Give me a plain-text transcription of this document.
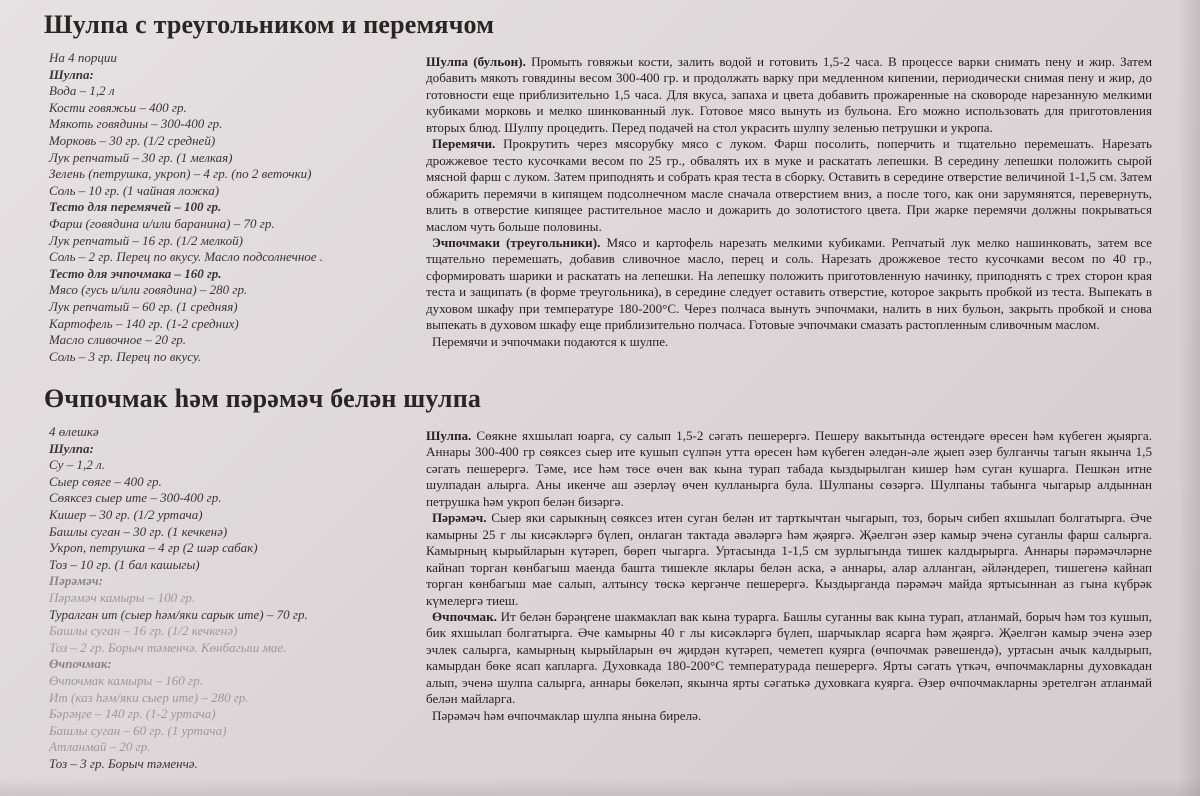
Шулпа с треугольником и перемячом
На 4 порции
Шулпа:
Вода – 1,2 л
Кости говяжьи – 400 гр.
Мякоть говядины – 300-400 гр.
Морковь – 30 гр. (1/2 средней)
Лук репчатый – 30 гр. (1 мелкая)
Зелень (петрушка, укроп) – 4 гр. (по 2 веточки)
Соль – 10 гр. (1 чайная ложка)
Тесто для перемячей – 100 гр.
Фарш (говядина и/или баранина) – 70 гр.
Лук репчатый – 16 гр. (1/2 мелкой)
Соль – 2 гр. Перец по вкусу. Масло подсолнечное .
Тесто для эчпочмака – 160 гр.
Мясо (гусь и/или говядина) – 280 гр.
Лук репчатый – 60 гр. (1 средняя)
Картофель – 140 гр. (1-2 средних)
Масло сливочное – 20 гр.
Соль – 3 гр. Перец по вкусу.

Шулпа (бульон). Промыть говяжьи кости, залить водой и готовить 1,5-2 часа. В процессе варки снимать пену и жир. Затем добавить мякоть говядины весом 300-400 гр. и продолжать варку при медленном кипении, периодически снимая пену и жир, до готовности еще приблизительно 1,5 часа. Для вкуса, запаха и цвета добавить прожаренные на сковороде нарезанную мелкими кубиками морковь и мелко шинкованный лук. Готовое мясо вынуть из бульона. Его можно использовать для приготовления вторых блюд. Шулпу процедить. Перед подачей на стол украсить шулпу зеленью петрушки и укропа.

Перемячи. Прокрутить через мясорубку мясо с луком. Фарш посолить, поперчить и тщательно перемешать. Нарезать дрожжевое тесто кусочками весом по 25 гр., обвалять их в муке и раскатать лепешки. В середину лепешки положить сырой мясной фарш с луком. Затем приподнять и собрать края теста в сборку. Оставить в середине отверстие величиной 1-1,5 см. Затем обжарить перемячи в кипящем подсолнечном масле сначала отверстием вниз, а после того, как они зарумянятся, перевернуть, влить в отверстие кипящее растительное масло и дожарить до золотистого цвета. При жарке перемячи должны покрываться маслом чуть больше половины.

Эчпочмаки (треугольники). Мясо и картофель нарезать мелкими кубиками. Репчатый лук мелко нашинковать, затем все тщательно перемешать, добавив сливочное масло, перец и соль. Нарезать дрожжевое тесто кусочками весом по 40 гр., сформировать шарики и раскатать на лепешки. На лепешку положить приготовленную начинку, приподнять с трех сторон края теста и защипать (в форме треугольника), в середине следует оставить отверстие, которое закрыть пробкой из теста. Выпекать в духовом шкафу при температуре 180-200°С. Через полчаса вынуть эчпочмаки, налить в них бульон, закрыть пробкой и снова выпекать в духовом шкафу еще приблизительно полчаса. Готовые эчпочмаки смазать растопленным сливочным маслом.

Перемячи и эчпочмаки подаются к шулпе.

Өчпочмак һәм пәрәмәч белән шулпа
4 өлешкә
Шулпа:
Су – 1,2 л.
Сыер сөяге – 400 гр.
Сөяксез сыер ите – 300-400 гр.
Кишер – 30 гр. (1/2 уртача)
Башлы суган – 30 гр. (1 кечкенә)
Укроп, петрушка – 4 гр (2 шәр сабак)
Тоз – 10 гр. (1 бал кашыгы)
Пәрәмәч:
Пәрәмәч камыры – 100 гр.
Туралган ит (сыер һәм/яки сарык ите) – 70 гр.
Башлы суган – 16 гр. (1/2 кечкенә)
Тоз – 2 гр. Борыч тәменчә. Көнбагыш мае.
Өчпочмак:
Өчпочмак камыры – 160 гр.
Ит (каз һәм/яки сыер ите) – 280 гр.
Бәрәңге – 140 гр. (1-2 уртача)
Башлы суган – 60 гр. (1 уртача)
Атланмай – 20 гр.
Тоз – 3 гр. Борыч тәменчә.

Шулпа. Сөякне яхшылап юарга, су салып 1,5-2 сәгать пешерергә. Пешеру вакытында өстендәге өресен һәм күбеген җыярга. Аннары 300-400 гр сөяксез сыер ите кушып сүлпән утта өресен һәм күбеген әледән-әле җыеп әзер булганчы тагын якынча 1,5 сәгать пешерергә. Тәме, исе һәм төсе өчен вак кына турап табада кыздырылган кишер һәм суган кушарга. Пешкән итне шулпадан алырга. Аны икенче аш әзерләү өчен кулланырга була. Шулпаны сөзәргә. Шулпаны табынга чыгарыр алдыннан петрушка һәм укроп белән бизәргә.

Пәрәмәч. Сыер яки сарыкның сөяксез итен суган белән ит тарткычтан чыгарып, тоз, борыч сибеп яхшылап болгатырга. Әче камырны 25 г лы кисәкләргә бүлеп, онлаган тактада әвәләргә һәм җәяргә. Җәелгән әзер камыр эченә суганлы фарш салырга. Камырның кырыйларын күтәреп, бөреп чыгарга. Уртасында 1-1,5 см зурлыгында тишек калдырырга. Аннары пәрәмәчләрне кайнап торган көнбагыш маенда башта тишекле яклары белән аска, ә аннары, алар алланган, әйләндереп, тишегенә кайнап торган көнбагыш мае салып, алтынсу төскә кергәнче пешерергә. Кыздырганда пәрәмәч майда яртысыннан аз гына күбрәк күмелергә тиеш.

Өчпочмак. Ит белән бәрәңгене шакмаклап вак кына турарга. Башлы суганны вак кына турап, атланмай, борыч һәм тоз кушып, бик яхшылап болгатырга. Әче камырны 40 г лы кисәкләргә бүлеп, шарчыклар ясарга һәм җәяргә. Җәелгән камыр эченә әзер эчлек салырга, камырның кырыйларын өч җирдән күтәреп, чеметеп куярга (өчпочмак рәвешендә), уртасын ачык калдырып, камырдан бөке ясап капларга. Духовкада 180-200°С температурада пешерергә. Ярты сәгать үткәч, өчпочмакларны духовкадан алып, эченә шулпа салырга, аннары бөкеләп, якынча ярты сәгатькә духовкага куярга. Әзер өчпочмакларны эретелгән атланмай белән майларга.

Пәрәмәч һәм өчпочмаклар шулпа янына бирелә.
